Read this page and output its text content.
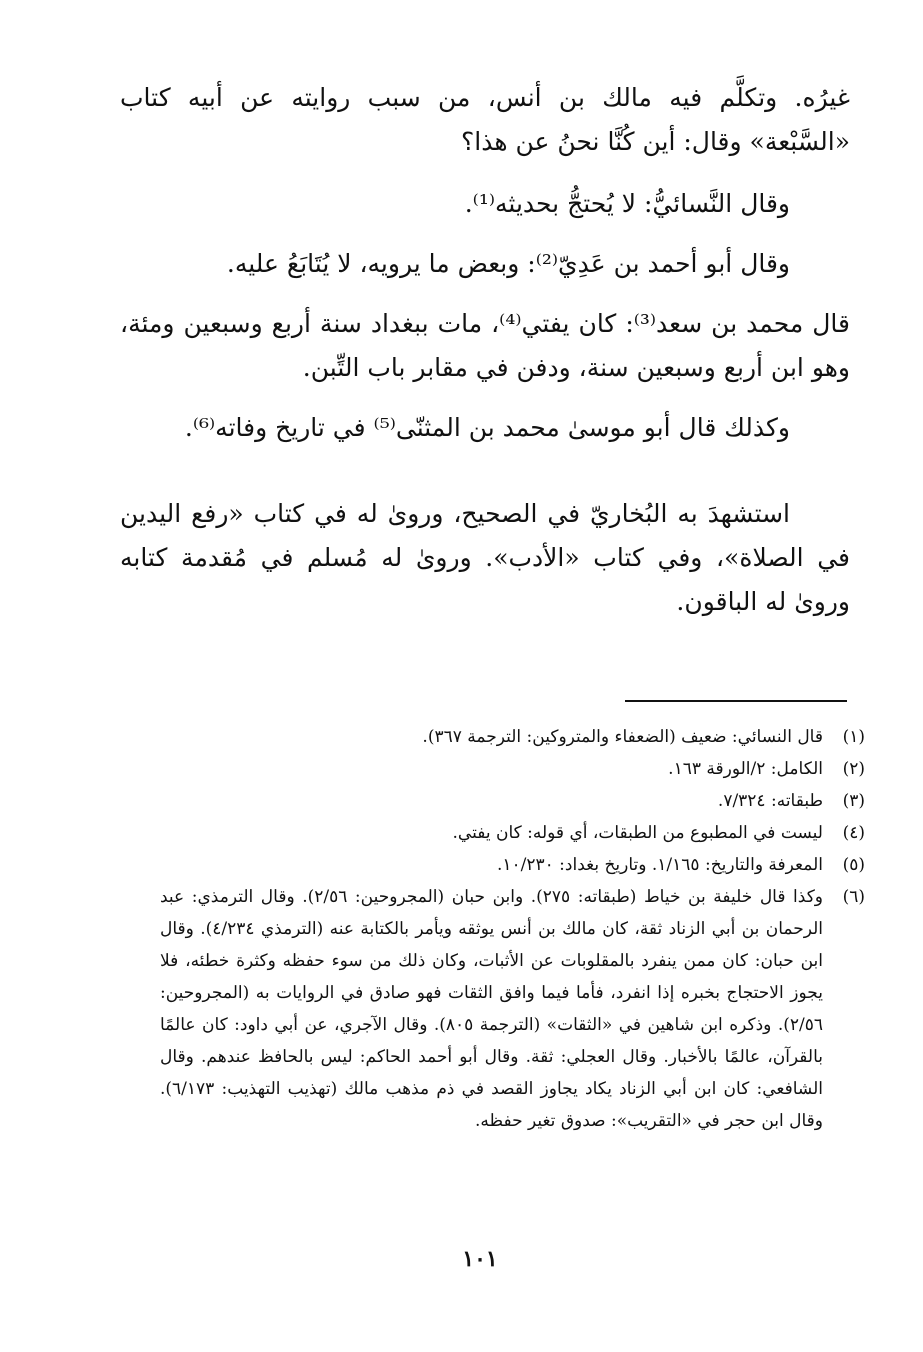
غيرُه. وتكلَّم فيه مالك بن أنس، من سبب روايته عن أبيه كتاب «السَّبْعة» وقال: أين كُنَّا نحنُ عن هذا؟

وقال النَّسائيُّ: لا يُحتجُّ بحديثه⁽¹⁾.

وقال أبو أحمد بن عَدِيّ⁽²⁾: وبعض ما يرويه، لا يُتَابَعُ عليه.

قال محمد بن سعد⁽³⁾: كان يفتي⁽⁴⁾، مات ببغداد سنة أربع وسبعين ومئة، وهو ابن أربع وسبعين سنة، ودفن في مقابر باب التِّبن.

وكذلك قال أبو موسىٰ محمد بن المثنّى⁽⁵⁾ في تاريخ وفاته⁽⁶⁾.

استشهدَ به البُخاريّ في الصحيح، وروىٰ له في كتاب «رفع اليدين في الصلاة»، وفي كتاب «الأدب». وروىٰ له مُسلم في مُقدمة كتابه وروىٰ له الباقون.

(١)
قال النسائي: ضعيف (الضعفاء والمتروكين: الترجمة ٣٦٧).
(٢)
الكامل: ٢/الورقة ١٦٣.
(٣)
طبقاته: ٧/٣٢٤.
(٤)
ليست في المطبوع من الطبقات، أي قوله: كان يفتي.
(٥)
المعرفة والتاريخ: ١/١٦٥. وتاريخ بغداد: ١٠/٢٣٠.
(٦)
وكذا قال خليفة بن خياط (طبقاته: ٢٧٥). وابن حبان (المجروحين: ٢/٥٦). وقال الترمذي: عبد الرحمان بن أبي الزناد ثقة، كان مالك بن أنس يوثقه ويأمر بالكتابة عنه (الترمذي ٤/٢٣٤). وقال ابن حبان: كان ممن ينفرد بالمقلوبات عن الأثبات، وكان ذلك من سوء حفظه وكثرة خطئه، فلا يجوز الاحتجاج بخبره إذا انفرد، فأما فيما وافق الثقات فهو صادق في الروايات به (المجروحين: ٢/٥٦). وذكره ابن شاهين في «الثقات» (الترجمة ٨٠٥). وقال الآجري، عن أبي داود: كان عالمًا بالقرآن، عالمًا بالأخبار. وقال العجلي: ثقة. وقال أبو أحمد الحاكم: ليس بالحافظ عندهم. وقال الشافعي: كان ابن أبي الزناد يكاد يجاوز القصد في ذم مذهب مالك (تهذيب التهذيب: ٦/١٧٣). وقال ابن حجر في «التقريب»: صدوق تغير حفظه.
١٠١
